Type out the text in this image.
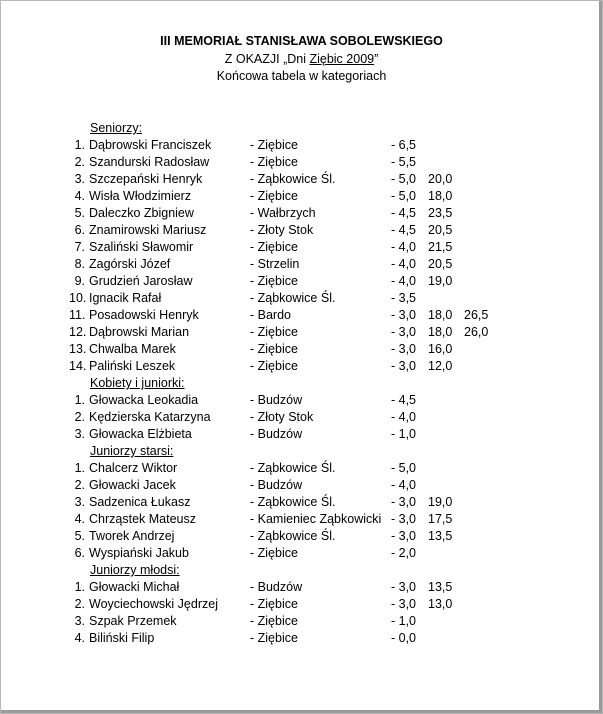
III MEMORIAŁ STANISŁAWA SOBOLEWSKIEGO
Z OKAZJI „Dni Ziębic 2009”
Końcowa tabela w kategoriach
Seniorzy:
1. Dąbrowski Franciszek	- Ziębice	- 6,5
2. Szandurski Radosław	- Ziębice	- 5,5
3. Szczepański Henryk	- Ząbkowice Śl.	- 5,0 20,0
4. Wisła Włodzimierz	- Ziębice	- 5,0 18,0
5. Daleczko Zbigniew	- Wałbrzych	- 4,5 23,5
6. Znamirowski Mariusz	- Złoty Stok	- 4,5 20,5
7. Szaliński Sławomir	- Ziębice	- 4,0 21,5
8. Zagórski Józef	- Strzelin	- 4,0 20,5
9. Grudzień Jarosław	- Ziębice	- 4,0 19,0
10. Ignacik Rafał	- Ząbkowice Śl.	- 3,5
11. Posadowski Henryk	- Bardo	- 3,0 18,0 26,5
12. Dąbrowski Marian	- Ziębice	- 3,0 18,0 26,0
13. Chwalba Marek	- Ziębice	- 3,0 16,0
14. Paliński Leszek	- Ziębice	- 3,0 12,0
Kobiety i juniorki:
1. Głowacka Leokadia	- Budzów	- 4,5
2. Kędzierska Katarzyna	- Złoty Stok	- 4,0
3. Głowacka Elżbieta	- Budzów	- 1,0
Juniorzy starsi:
1. Chalcerz Wiktor	- Ząbkowice Śl.	- 5,0
2. Głowacki Jacek	- Budzów	- 4,0
3. Sadzenica Łukasz	- Ząbkowice Śl.	- 3,0 19,0
4. Chrząstek Mateusz	- Kamieniec Ząbkowicki - 3,0 17,5
5. Tworek Andrzej	- Ząbkowice Śl.	- 3,0 13,5
6. Wyspiański Jakub	- Ziębice	- 2,0
Juniorzy młodsi:
1. Głowacki Michał	- Budzów	- 3,0 13,5
2. Woyciechowski Jędrzej	- Ziębice	- 3,0 13,0
3. Szpak Przemek	- Ziębice	- 1,0
4. Biliński Filip	- Ziębice	- 0,0
